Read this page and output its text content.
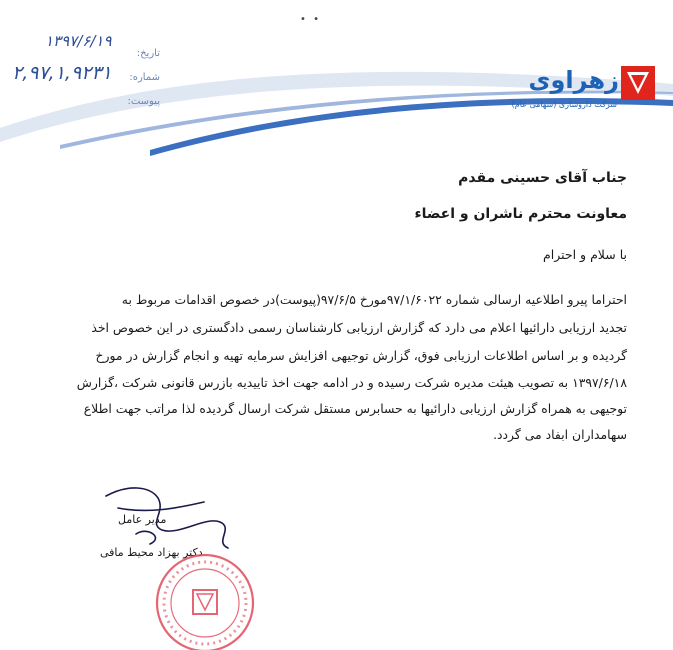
• •
تاریخ:
شماره:
پیوست:
۱۳۹۷/۶/۱۹
۲,۹۷,۱,۹۲۳۱	زهراوی
شرکت داروسازی (سهامی عام)
جناب آقای حسینی مقدم
معاونت محترم ناشران و اعضاء
با سلام و احترام
احتراما پیرو اطلاعیه ارسالی شماره ۹۷/۱/۶۰۲۲مورخ ۹۷/۶/۵(پیوست)در خصوص اقدامات مربوط به
تجدید ارزیابی دارائیها اعلام می دارد که گزارش ارزیابی کارشناسان رسمی دادگستری در این خصوص اخذ
گردیده و بر اساس اطلاعات ارزیابی فوق، گزارش توجیهی افزایش سرمایه تهیه و انجام گزارش در مورخ
۱۳۹۷/۶/۱۸ به تصویب هیئت مدیره شرکت رسیده و در ادامه جهت اخذ تاییدیه بازرس قانونی شرکت ،گزارش
توجیهی به همراه گزارش ارزیابی دارائیها به حسابرس مستقل شرکت ارسال گردیده لذا مراتب جهت اطلاع
سهامداران ابفاد می گردد.
مدیر عامل
دکتر بهزاد محیط مافی
